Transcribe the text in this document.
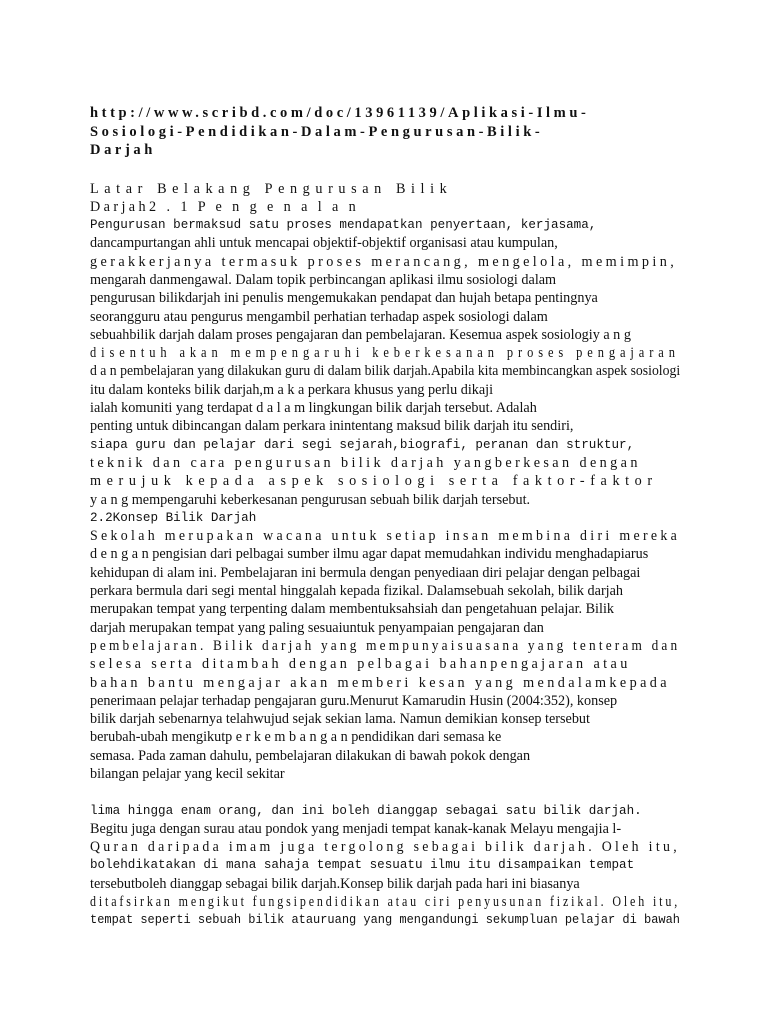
http://www.scribd.com/doc/13961139/Aplikasi-Ilmu-
Sosiologi-Pendidikan-Dalam-Pengurusan-Bilik-
Darjah
Latar Belakang Pengurusan Bilik
Darjah2 . 1 P e n g e n a l a n
Pengurusan bermaksud satu proses mendapatkan penyertaan, kerjasama,
dancampurtangan ahli untuk mencapai objektif-objektif organisasi atau kumpulan,
gerakkerjanya termasuk proses merancang, mengelola, memimpin,
mengarah danmengawal. Dalam topik perbincangan aplikasi ilmu sosiologi dalam
pengurusan bilikdarjah ini penulis mengemukakan pendapat dan hujah betapa pentingnya
seorangguru atau pengurus mengambil perhatian terhadap aspek sosiologi dalam
sebuahbilik darjah dalam proses pengajaran dan pembelajaran. Kesemua aspek sosiologiy a n g
disentuh akan mempengaruhi keberkesanan proses pengajaran
d a n pembelajaran yang dilakukan guru di dalam bilik darjah.Apabila kita membincangkan aspek sosiologi
itu dalam konteks bilik darjah,m a k a perkara khusus yang perlu dikaji
ialah komuniti yang terdapat d a l a m lingkungan bilik darjah tersebut. Adalah
penting untuk dibincangan dalam perkara inintentang maksud bilik darjah itu sendiri,
siapa guru dan pelajar dari segi sejarah,biografi, peranan dan struktur,
teknik dan cara pengurusan bilik darjah yangberkesan dengan
merujuk kepada aspek sosiologi serta faktor-faktor
y a n g mempengaruhi keberkesanan pengurusan sebuah bilik darjah tersebut.
2.2Konsep Bilik Darjah
Sekolah merupakan wacana untuk setiap insan membina diri mereka
d e n g a n pengisian dari pelbagai sumber ilmu agar dapat memudahkan individu menghadapiarus
kehidupan di alam ini. Pembelajaran ini bermula dengan penyediaan diri pelajar dengan pelbagai
perkara bermula dari segi mental hinggalah kepada fizikal. Dalamsebuah sekolah, bilik darjah
merupakan tempat yang terpenting dalam membentuksahsiah dan pengetahuan pelajar. Bilik
darjah merupakan tempat yang paling sesuaiuntuk penyampaian pengajaran dan
pembelajaran. Bilik darjah yang mempunyaisuasana yang tenteram dan
selesa serta ditambah dengan pelbagai bahanpengajaran atau
bahan bantu mengajar akan memberi kesan yang mendalamkepada
penerimaan pelajar terhadap pengajaran guru.Menurut Kamarudin Husin (2004:352), konsep
bilik darjah sebenarnya telahwujud sejak sekian lama. Namun demikian konsep tersebut
berubah-ubah mengikutp e r k e m b a n g a n pendidikan dari semasa ke
semasa. Pada zaman dahulu, pembelajaran dilakukan di bawah pokok dengan
bilangan pelajar yang kecil sekitar
lima hingga enam orang, dan ini boleh dianggap sebagai satu bilik darjah.
Begitu juga dengan surau atau pondok yang menjadi tempat kanak-kanak Melayu mengajia l-
Quran daripada imam juga tergolong sebagai bilik darjah. Oleh itu,
bolehdikatakan di mana sahaja tempat sesuatu ilmu itu disampaikan tempat
tersebutboleh dianggap sebagai bilik darjah.Konsep bilik darjah pada hari ini biasanya
ditafsirkan mengikut fungsipendidikan atau ciri penyusunan fizikal. Oleh itu,
tempat seperti sebuah bilik atauruang yang mengandungi sekumpluan pelajar di bawah
